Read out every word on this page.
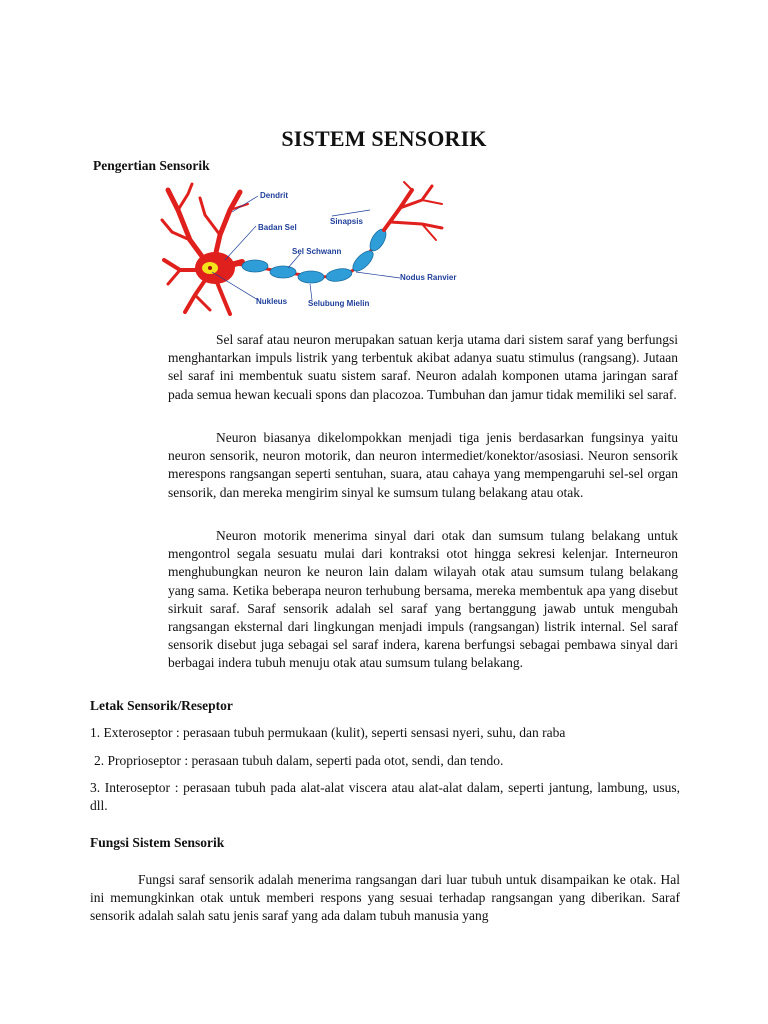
SISTEM SENSORIK

Pengertian Sensorik

Dendrit
Badan Sel
Sinapsis
Sel Schwann
Nodus Ranvier
Nukleus	Selubung Mielin

Sel saraf atau neuron merupakan satuan kerja utama dari sistem saraf yang berfungsi menghantarkan impuls listrik yang terbentuk akibat adanya suatu stimulus (rangsang). Jutaan sel saraf ini membentuk suatu sistem saraf. Neuron adalah komponen utama jaringan saraf pada semua hewan kecuali spons dan placozoa. Tumbuhan dan jamur tidak memiliki sel saraf.

Neuron biasanya dikelompokkan menjadi tiga jenis berdasarkan fungsinya yaitu neuron sensorik, neuron motorik, dan neuron intermediet/konektor/asosiasi. Neuron sensorik merespons rangsangan seperti sentuhan, suara, atau cahaya yang mempengaruhi sel-sel organ sensorik, dan mereka mengirim sinyal ke sumsum tulang belakang atau otak.

Neuron motorik menerima sinyal dari otak dan sumsum tulang belakang untuk mengontrol segala sesuatu mulai dari kontraksi otot hingga sekresi kelenjar. Interneuron menghubungkan neuron ke neuron lain dalam wilayah otak atau sumsum tulang belakang yang sama. Ketika beberapa neuron terhubung bersama, mereka membentuk apa yang disebut sirkuit saraf. Saraf sensorik adalah sel saraf yang bertanggung jawab untuk mengubah rangsangan eksternal dari lingkungan menjadi impuls (rangsangan) listrik internal. Sel saraf sensorik disebut juga sebagai sel saraf indera, karena berfungsi sebagai pembawa sinyal dari berbagai indera tubuh menuju otak atau sumsum tulang belakang.

Letak Sensorik/Reseptor

1. Exteroseptor : perasaan tubuh permukaan (kulit), seperti sensasi nyeri, suhu, dan raba

2. Proprioseptor : perasaan tubuh dalam, seperti pada otot, sendi, dan tendo.

3. Interoseptor : perasaan tubuh pada alat-alat viscera atau alat-alat dalam, seperti jantung, lambung, usus, dll.

Fungsi Sistem Sensorik

Fungsi saraf sensorik adalah menerima rangsangan dari luar tubuh untuk disampaikan ke otak. Hal ini memungkinkan otak untuk memberi respons yang sesuai terhadap rangsangan yang diberikan. Saraf sensorik adalah salah satu jenis saraf yang ada dalam tubuh manusia yang
